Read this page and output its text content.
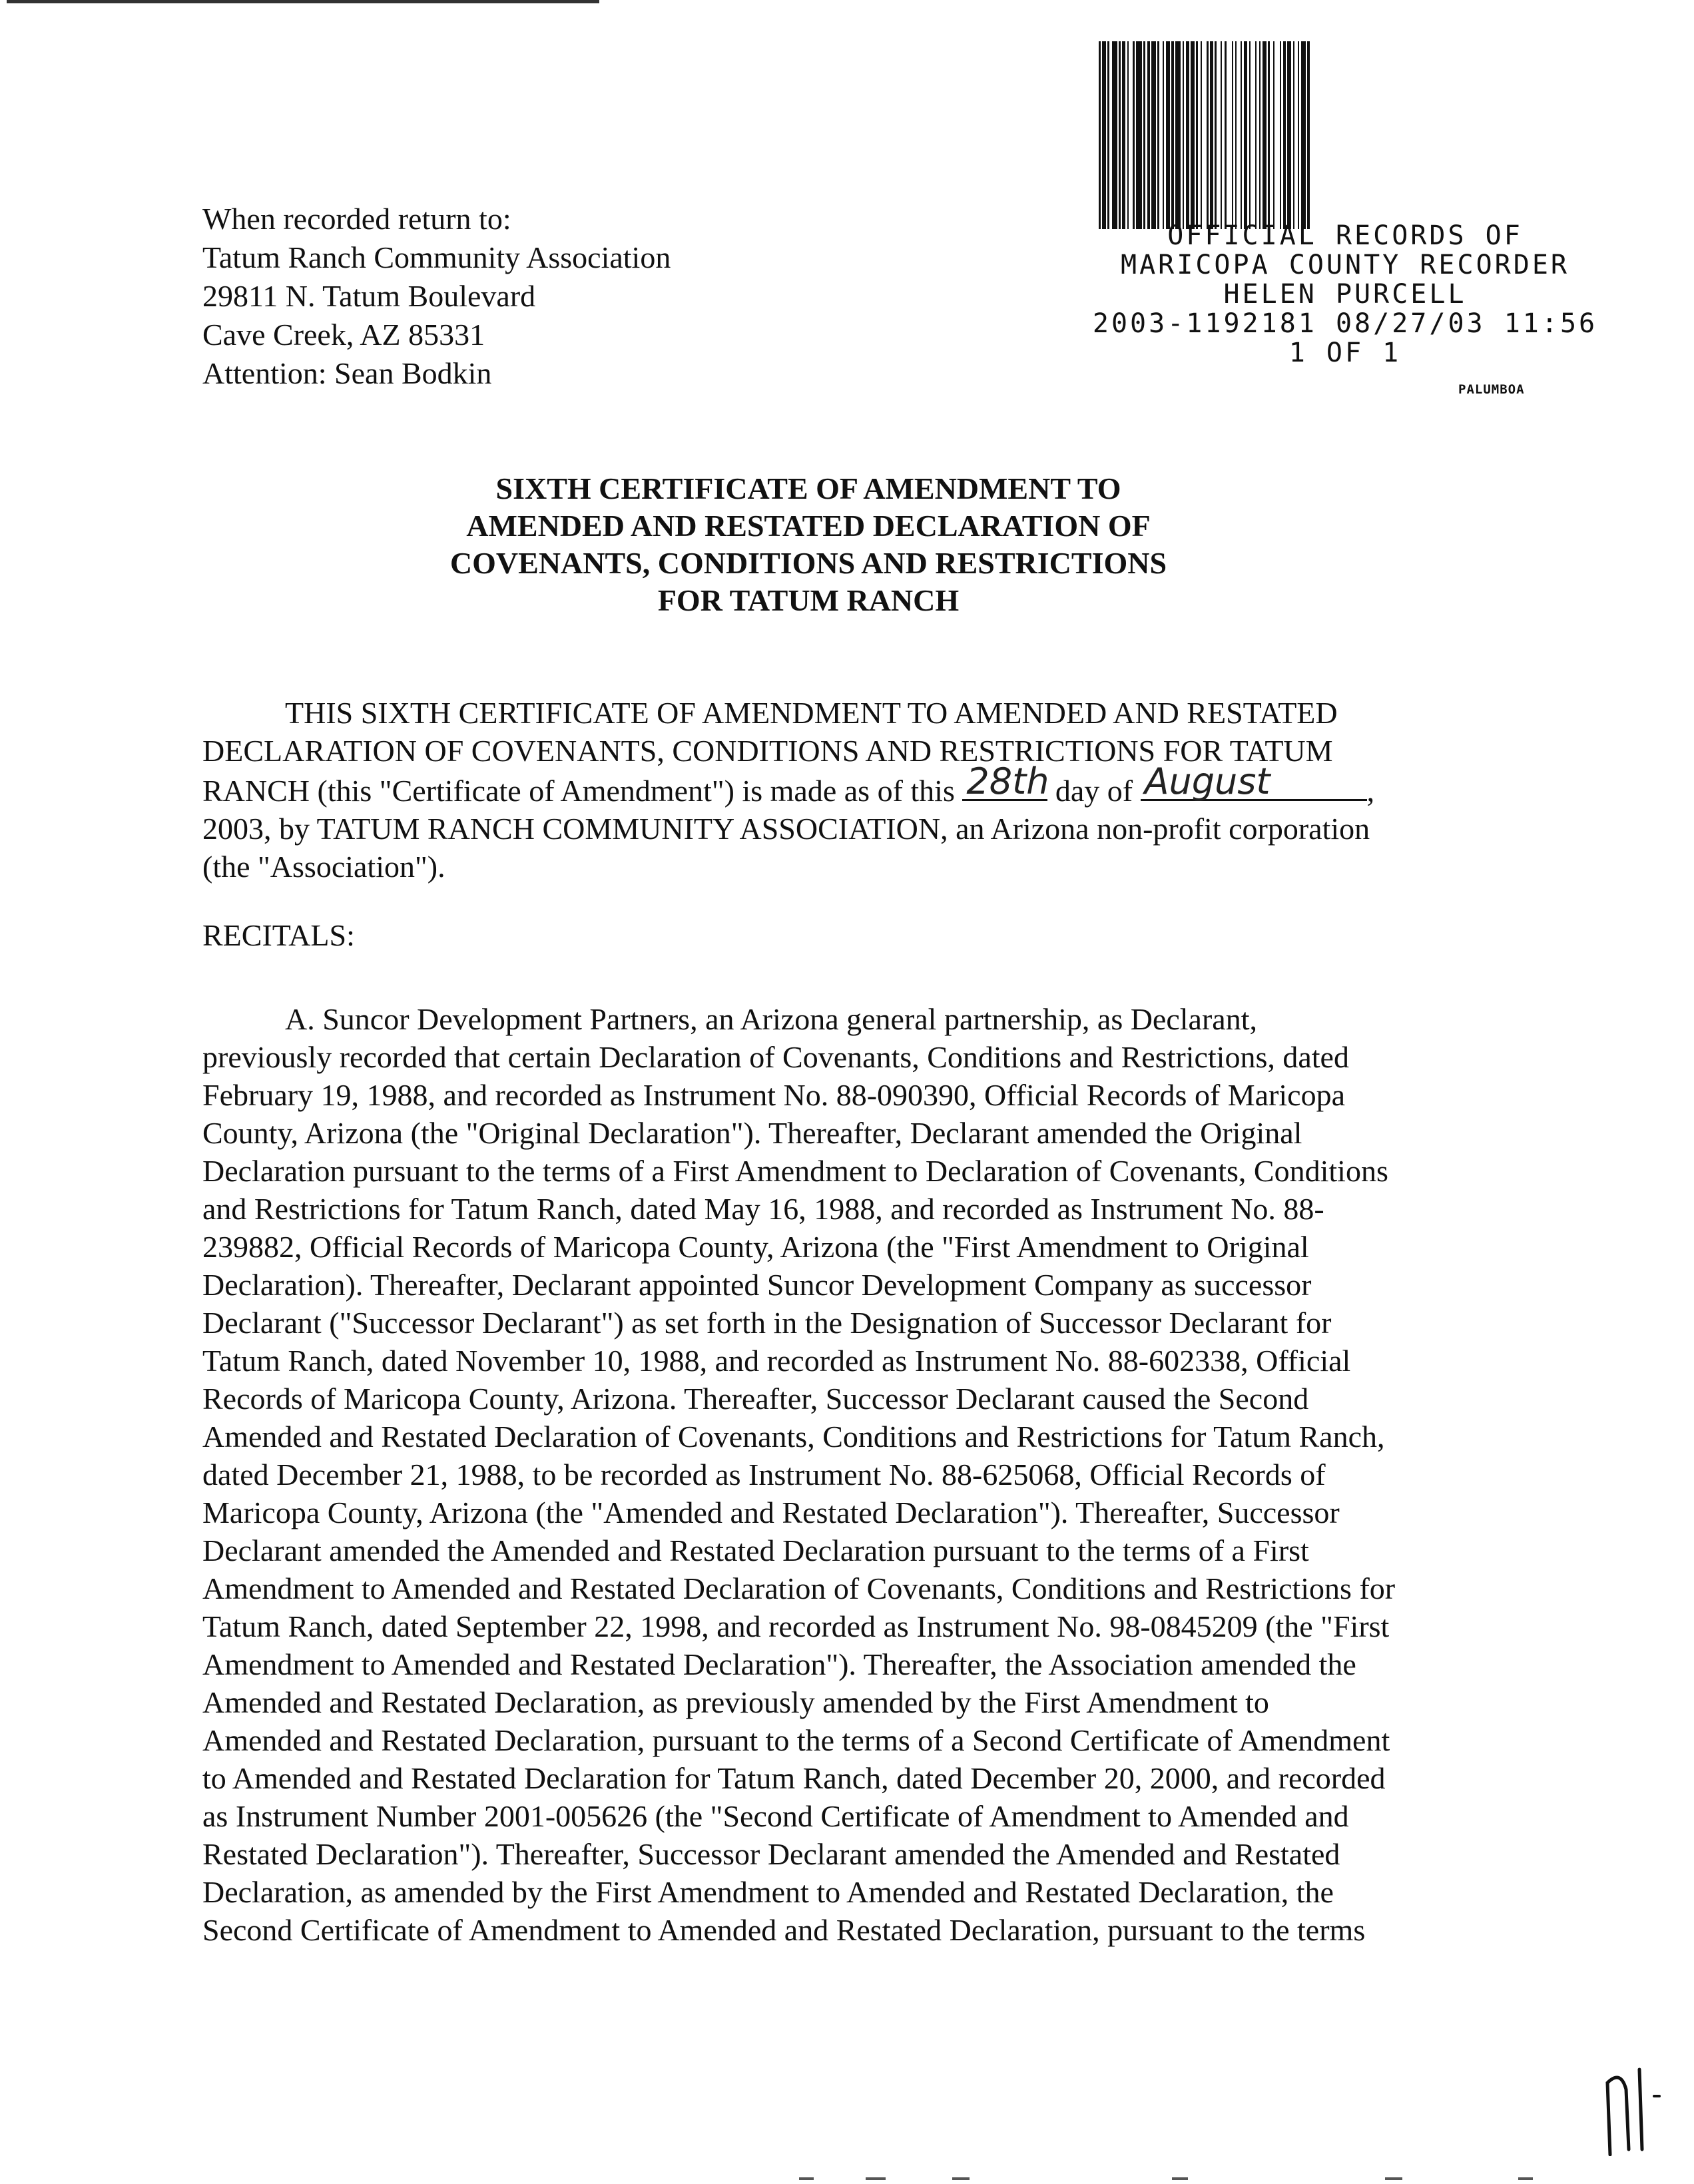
When recorded return to:
Tatum Ranch Community Association
29811 N. Tatum Boulevard
Cave Creek, AZ 85331
Attention: Sean Bodkin
OFFICIAL RECORDS OF
MARICOPA COUNTY RECORDER
HELEN PURCELL
2003-1192181 08/27/03 11:56
1 OF 1
PALUMBOA
SIXTH CERTIFICATE OF AMENDMENT TO
AMENDED AND RESTATED DECLARATION OF
COVENANTS, CONDITIONS AND RESTRICTIONS
FOR TATUM RANCH
THIS SIXTH CERTIFICATE OF AMENDMENT TO AMENDED AND RESTATED
DECLARATION OF COVENANTS, CONDITIONS AND RESTRICTIONS FOR TATUM
RANCH (this "Certificate of Amendment") is made as of this 28th
day of August	,
2003, by TATUM RANCH COMMUNITY ASSOCIATION, an Arizona non-profit corporation
(the "Association").
RECITALS:
A. Suncor Development Partners, an Arizona general partnership, as Declarant,
previously recorded that certain Declaration of Covenants, Conditions and Restrictions, dated
February 19, 1988, and recorded as Instrument No. 88-090390, Official Records of Maricopa
County, Arizona (the "Original Declaration"). Thereafter, Declarant amended the Original
Declaration pursuant to the terms of a First Amendment to Declaration of Covenants, Conditions
and Restrictions for Tatum Ranch, dated May 16, 1988, and recorded as Instrument No. 88-
239882, Official Records of Maricopa County, Arizona (the "First Amendment to Original
Declaration). Thereafter, Declarant appointed Suncor Development Company as successor
Declarant ("Successor Declarant") as set forth in the Designation of Successor Declarant for
Tatum Ranch, dated November 10, 1988, and recorded as Instrument No. 88-602338, Official
Records of Maricopa County, Arizona. Thereafter, Successor Declarant caused the Second
Amended and Restated Declaration of Covenants, Conditions and Restrictions for Tatum Ranch,
dated December 21, 1988, to be recorded as Instrument No. 88-625068, Official Records of
Maricopa County, Arizona (the "Amended and Restated Declaration"). Thereafter, Successor
Declarant amended the Amended and Restated Declaration pursuant to the terms of a First
Amendment to Amended and Restated Declaration of Covenants, Conditions and Restrictions for
Tatum Ranch, dated September 22, 1998, and recorded as Instrument No. 98-0845209 (the "First
Amendment to Amended and Restated Declaration"). Thereafter, the Association amended the
Amended and Restated Declaration, as previously amended by the First Amendment to
Amended and Restated Declaration, pursuant to the terms of a Second Certificate of Amendment
to Amended and Restated Declaration for Tatum Ranch, dated December 20, 2000, and recorded
as Instrument Number 2001-005626 (the "Second Certificate of Amendment to Amended and
Restated Declaration"). Thereafter, Successor Declarant amended the Amended and Restated
Declaration, as amended by the First Amendment to Amended and Restated Declaration, the
Second Certificate of Amendment to Amended and Restated Declaration, pursuant to the terms
